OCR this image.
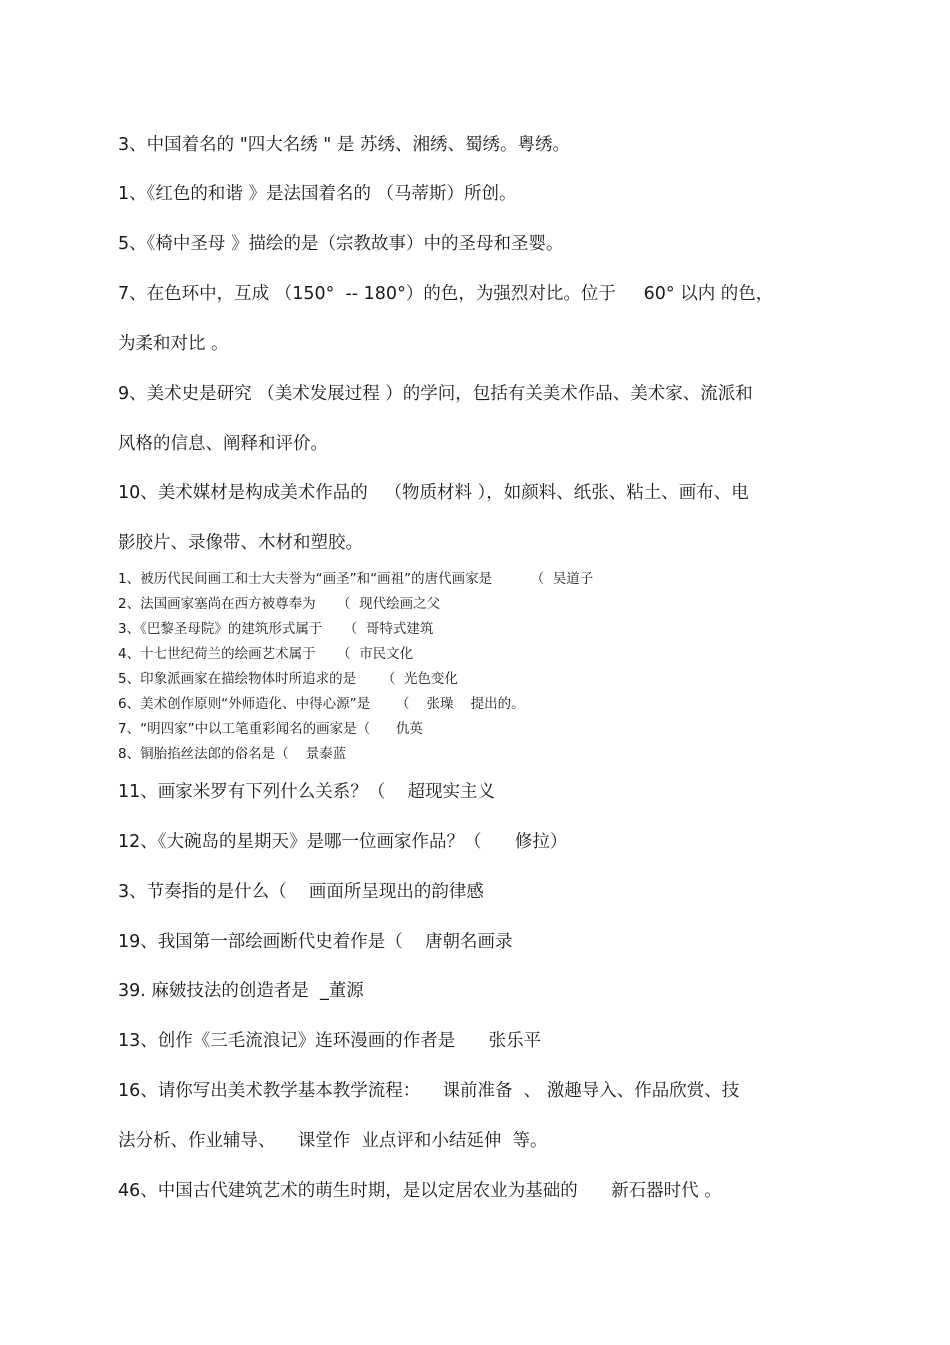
3、中国着名的 "四大名绣 " 是 苏绣、湘绣、蜀绣。粤绣。
1、《红色的和谐 》是法国着名的 （马蒂斯）所创。
5、《椅中圣母 》描绘的是（宗教故事）中的圣母和圣婴。
7、在色环中，互成 （150°  -- 180°）的色，为强烈对比。位于     60° 以内 的色，
为柔和对比 。
9、美术史是研究 （美术发展过程 ）的学问，包括有关美术作品、美术家、流派和
风格的信息、阐释和评价。
10、美术媒材是构成美术作品的   （物质材料 ），如颜料、纸张、粘土、画布、电
影胶片、录像带、木材和塑胶。
1、被历代民间画工和士大夫誉为“画圣”和“画祖”的唐代画家是         （  吴道子
2、法国画家塞尚在西方被尊奉为     （  现代绘画之父
3、《巴黎圣母院》的建筑形式属于     （  哥特式建筑
4、十七世纪荷兰的绘画艺术属于     （  市民文化
5、印象派画家在描绘物体时所追求的是      （  光色变化
6、美术创作原则“外师造化、中得心源”是      （    张璪    提出的。
7、“明四家”中以工笔重彩闻名的画家是（      仇英
8、铜胎掐丝法郎的俗名是（    景泰蓝
11、画家米罗有下列什么关系？（    超现实主义
12、《大碗岛的星期天》是哪一位画家作品？（      修拉）
3、节奏指的是什么（    画面所呈现出的韵律感
19、我国第一部绘画断代史着作是（    唐朝名画录
39. 麻皴技法的创造者是  _董源
13、创作《三毛流浪记》连环漫画的作者是      张乐平
16、请你写出美术教学基本教学流程：    课前准备  、 激趣导入、作品欣赏、技
法分析、作业辅导、    课堂作  业点评和小结延伸  等。
46、中国古代建筑艺术的萌生时期，是以定居农业为基础的      新石器时代 。
